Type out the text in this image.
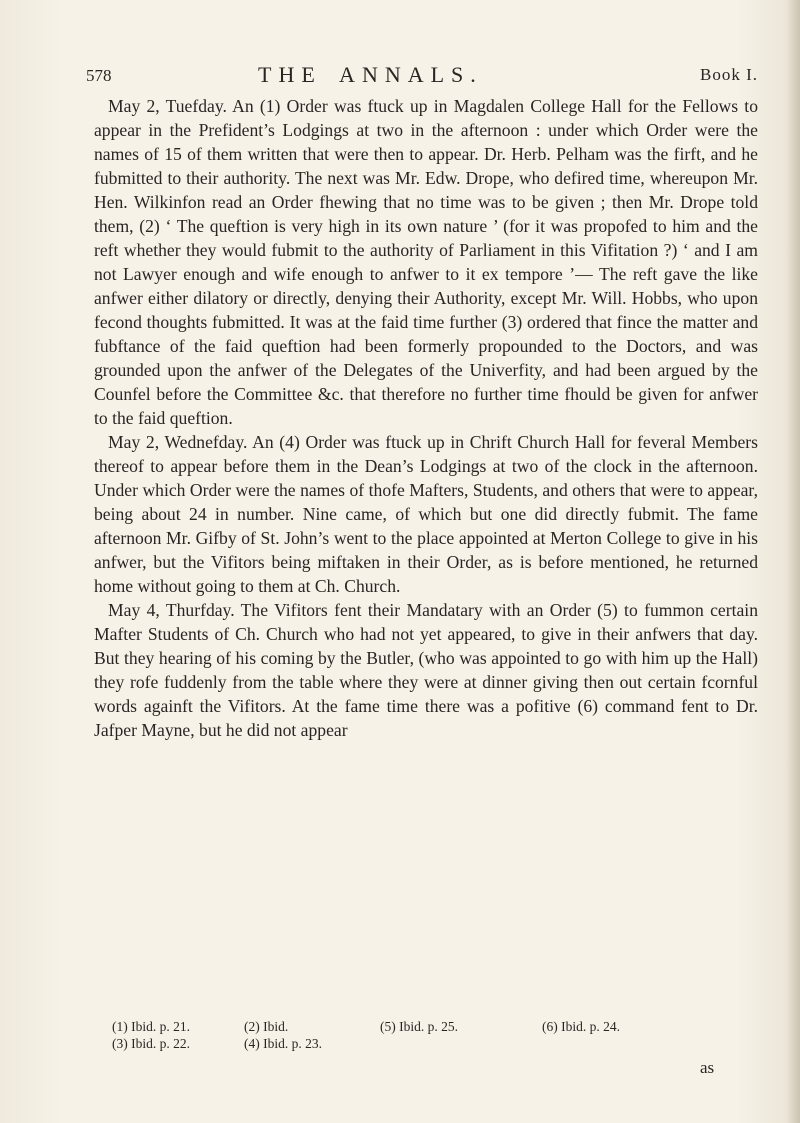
578	THE ANNALS.	Book I.

May 2, Tuefday. An (1) Order was ftuck up in Magdalen College Hall for the Fellows to appear in the Prefident’s Lodgings at two in the afternoon : under which Order were the names of 15 of them written that were then to appear. Dr. Herb. Pelham was the firft, and he fubmitted to their authority. The next was Mr. Edw. Drope, who defired time, whereupon Mr. Hen. Wilkinfon read an Order fhewing that no time was to be given ; then Mr. Drope told them, (2) ‘ The queftion is very high in its own nature ’ (for it was propofed to him and the reft whether they would fubmit to the authority of Parliament in this Vifitation ?) ‘ and I am not Lawyer enough and wife enough to anfwer to it ex tempore ’— The reft gave the like anfwer either dilatory or directly, denying their Authority, except Mr. Will. Hobbs, who upon fecond thoughts fubmitted. It was at the faid time further (3) ordered that fince the matter and fubftance of the faid queftion had been formerly propounded to the Doctors, and was grounded upon the anfwer of the Delegates of the Univerfity, and had been argued by the Counfel before the Committee &c. that therefore no further time fhould be given for anfwer to the faid queftion.

May 2, Wednefday. An (4) Order was ftuck up in Chrift Church Hall for feveral Members thereof to appear before them in the Dean’s Lodgings at two of the clock in the afternoon. Under which Order were the names of thofe Mafters, Students, and others that were to appear, being about 24 in number. Nine came, of which but one did directly fubmit. The fame afternoon Mr. Gifby of St. John’s went to the place appointed at Merton College to give in his anfwer, but the Vifitors being miftaken in their Order, as is before mentioned, he returned home without going to them at Ch. Church.

May 4, Thurfday. The Vifitors fent their Mandatary with an Order (5) to fummon certain Mafter Students of Ch. Church who had not yet appeared, to give in their anfwers that day. But they hearing of his coming by the Butler, (who was appointed to go with him up the Hall) they rofe fuddenly from the table where they were at dinner giving then out certain fcornful words againft the Vifitors. At the fame time there was a pofitive (6) command fent to Dr. Jafper Mayne, but he did not appear

(1) Ibid. p. 21.	(2) Ibid.	(5) Ibid. p. 25.	(6) Ibid. p. 24.
(3) Ibid. p. 22.	(4) Ibid. p. 23.
as
